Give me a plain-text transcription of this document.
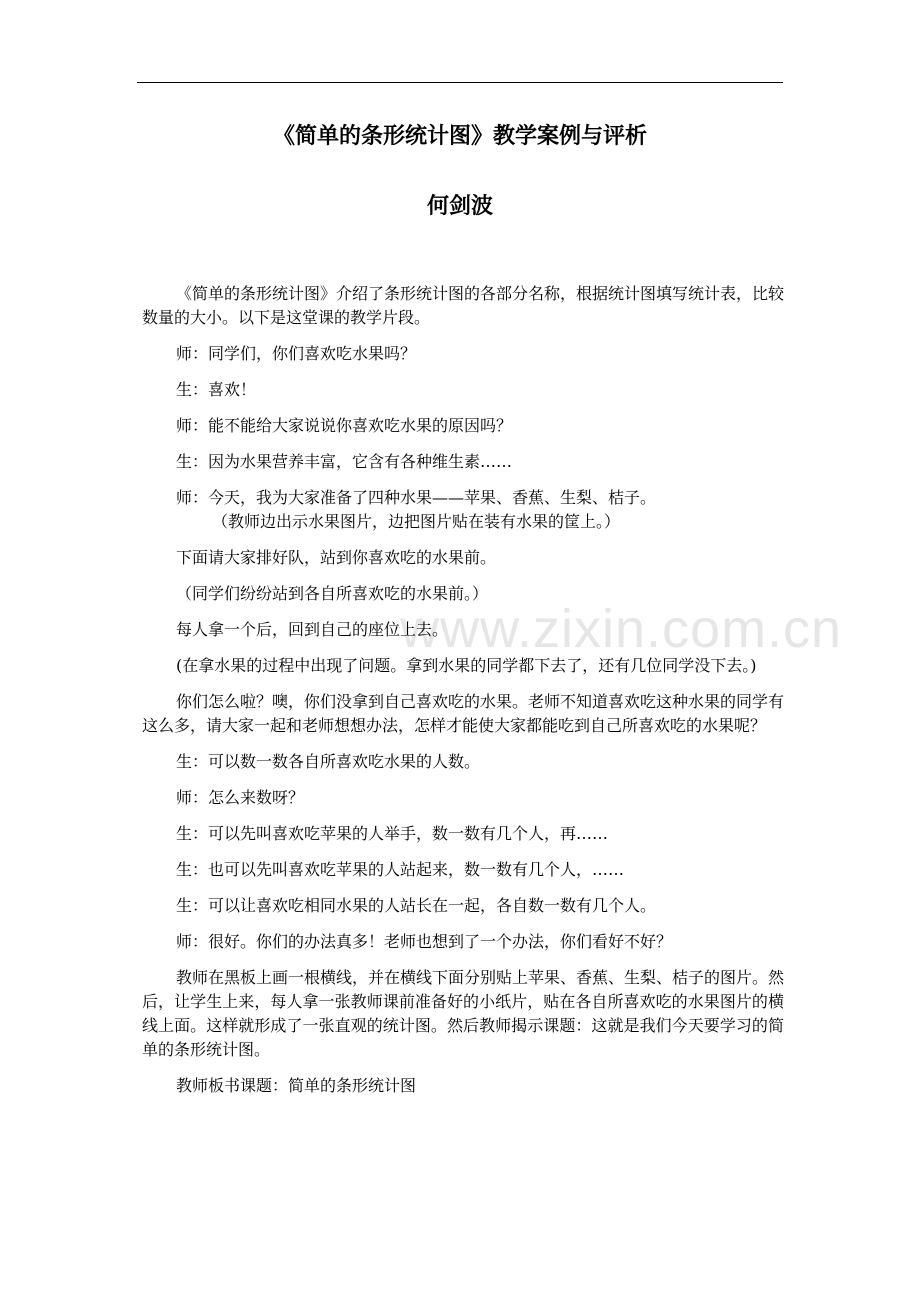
www.zixin.com.cn
《简单的条形统计图》教学案例与评析
何剑波

《简单的条形统计图》介绍了条形统计图的各部分名称，根据统计图填写统计表，比较数量的大小。以下是这堂课的教学片段。

师：同学们，你们喜欢吃水果吗？

生：喜欢！

师：能不能给大家说说你喜欢吃水果的原因吗？

生：因为水果营养丰富，它含有各种维生素……

师：今天，我为大家准备了四种水果——苹果、香蕉、生梨、桔子。

（教师边出示水果图片，边把图片贴在装有水果的筐上。）

下面请大家排好队，站到你喜欢吃的水果前。

（同学们纷纷站到各自所喜欢吃的水果前。）

每人拿一个后，回到自己的座位上去。

(在拿水果的过程中出现了问题。拿到水果的同学都下去了，还有几位同学没下去。)

你们怎么啦？噢，你们没拿到自己喜欢吃的水果。老师不知道喜欢吃这种水果的同学有这么多，请大家一起和老师想想办法，怎样才能使大家都能吃到自己所喜欢吃的水果呢？

生：可以数一数各自所喜欢吃水果的人数。

师：怎么来数呀？

生：可以先叫喜欢吃苹果的人举手，数一数有几个人，再……

生：也可以先叫喜欢吃苹果的人站起来，数一数有几个人，……

生：可以让喜欢吃相同水果的人站长在一起，各自数一数有几个人。

师：很好。你们的办法真多！老师也想到了一个办法，你们看好不好？

教师在黑板上画一根横线，并在横线下面分别贴上苹果、香蕉、生梨、桔子的图片。然后，让学生上来，每人拿一张教师课前准备好的小纸片，贴在各自所喜欢吃的水果图片的横线上面。这样就形成了一张直观的统计图。然后教师揭示课题：这就是我们今天要学习的简单的条形统计图。

教师板书课题：简单的条形统计图
